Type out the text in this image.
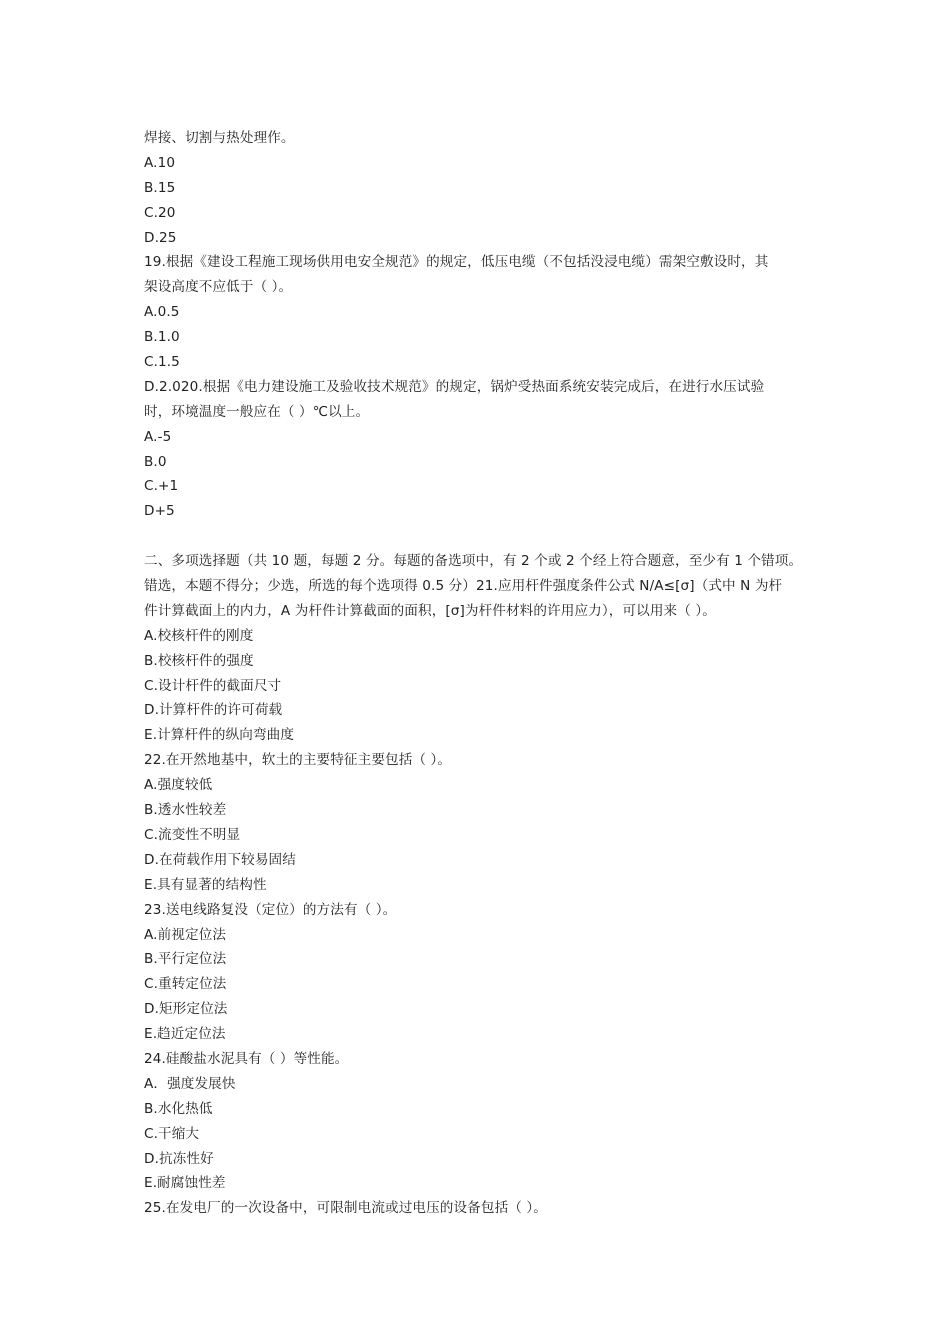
焊接、切割与热处理作。
A.10
B.15
C.20
D.25
19.根据《建设工程施工现场供用电安全规范》的规定，低压电缆（不包括没浸电缆）需架空敷设时，其
架设高度不应低于（ ）。
A.0.5
B.1.0
C.1.5
D.2.020.根据《电力建设施工及验收技术规范》的规定，锅炉受热面系统安装完成后，在进行水压试验
时，环境温度一般应在（ ）℃以上。
A.-5
B.0
C.+1
D+5
二、多项选择题（共 10 题，每题 2 分。每题的备选项中，有 2 个或 2 个经上符合题意，至少有 1 个错项。
错选，本题不得分；少选，所选的每个选项得 0.5 分）21.应用杆件强度条件公式 N/A≤[σ]（式中 N 为杆
件计算截面上的内力，A 为杆件计算截面的面积，[σ]为杆件材料的许用应力），可以用来（ ）。
A.校核杆件的刚度
B.校核杆件的强度
C.设计杆件的截面尺寸
D.计算杆件的许可荷载
E.计算杆件的纵向弯曲度
22.在开然地基中，软土的主要特征主要包括（ ）。
A.强度较低
B.透水性较差
C.流变性不明显
D.在荷载作用下较易固结
E.具有显著的结构性
23.送电线路复没（定位）的方法有（ ）。
A.前视定位法
B.平行定位法
C.重转定位法
D.矩形定位法
E.趋近定位法
24.硅酸盐水泥具有（ ）等性能。
A．强度发展快
B.水化热低
C.干缩大
D.抗冻性好
E.耐腐蚀性差
25.在发电厂的一次设备中，可限制电流或过电压的设备包括（ ）。
